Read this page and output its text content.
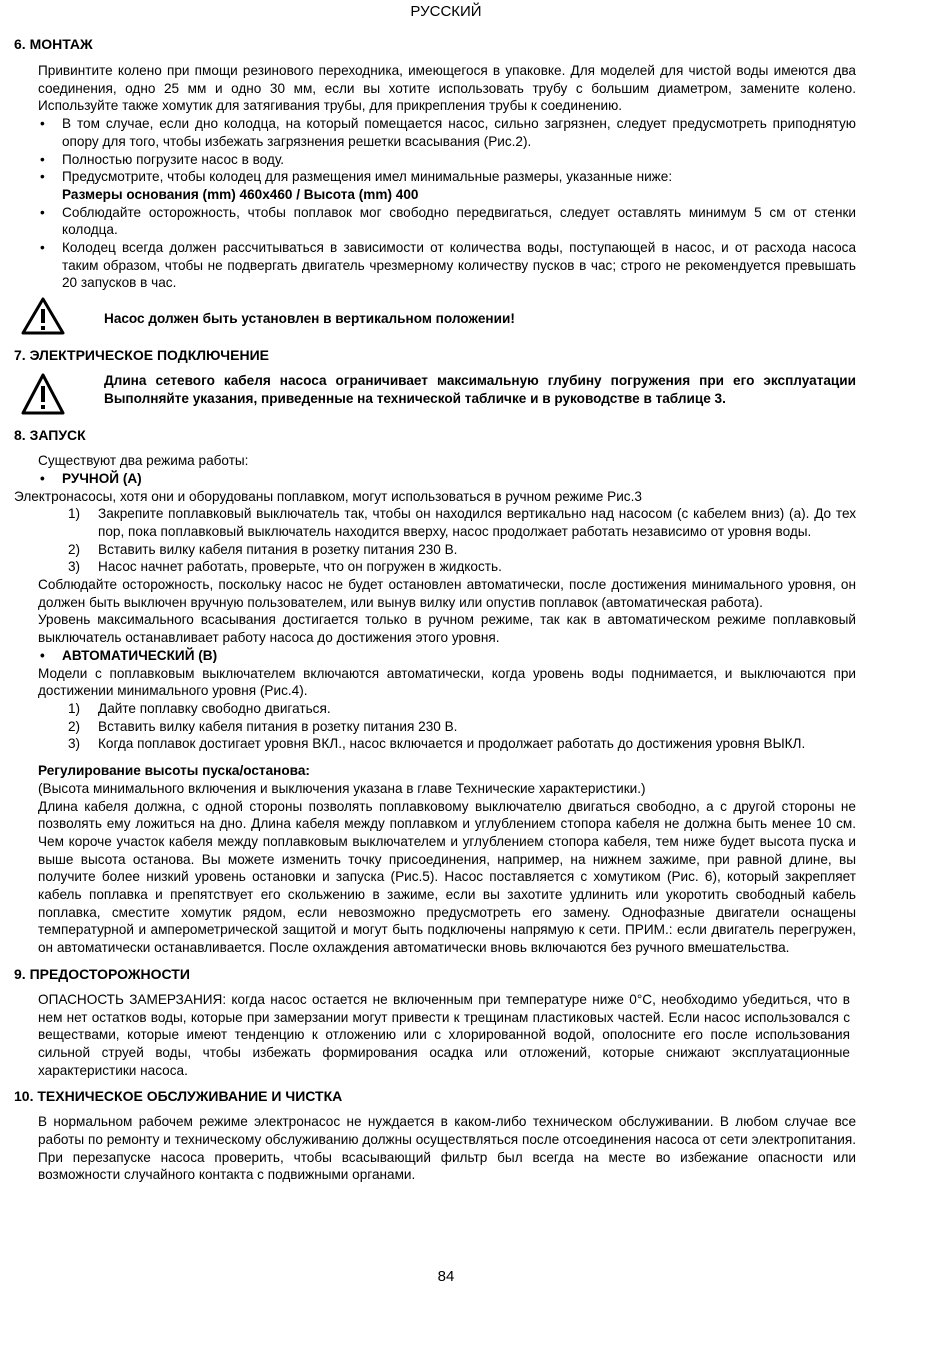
РУССКИЙ
6. МОНТАЖ

Привинтите колено при пмощи резинового переходника, имеющегося в упаковке. Для моделей для чистой воды имеются два соединения, одно 25 мм и одно 30 мм, если вы хотите использовать трубу с большим диаметром, замените колено. Используйте также хомутик для затягивания трубы, для прикрепления трубы к соединению.

• В том случае, если дно колодца, на который помещается насос, сильно загрязнен, следует предусмотреть приподнятую опору для того, чтобы избежать загрязнения решетки всасывания (Рис.2).
• Полностью погрузите насос в воду.
• Предусмотрите, чтобы колодец для размещения имел минимальные размеры, указанные ниже:
Размеры основания (mm) 460x460 / Высота (mm) 400
• Соблюдайте осторожность, чтобы поплавок мог свободно передвигаться, следует оставлять минимум 5 см от стенки колодца.
• Колодец всегда должен рассчитываться в зависимости от количества воды, поступающей в насос, и от расхода насоса таким образом, чтобы не подвергать двигатель чрезмерному количеству пусков в час; строго не рекомендуется превышать 20 запусков в час.
Насос должен быть установлен в вертикальном положении!
7. ЭЛЕКТРИЧЕСКОЕ ПОДКЛЮЧЕНИЕ
Длина сетевого кабеля насоса ограничивает максимальную глубину погружения при его эксплуатации Выполняйте указания, приведенные на технической табличке и в руководстве в таблице 3.
8. ЗАПУСК

Существуют два режима работы:

• РУЧНОЙ (А)

Электронасосы, хотя они и оборудованы поплавком, могут использоваться в ручном режиме Рис.3

1) Закрепите поплавковый выключатель так, чтобы он находился вертикально над насосом (с кабелем вниз) (а). До тех пор, пока поплавковый выключатель находится вверху, насос продолжает работать независимо от уровня воды.
2) Вставить вилку кабеля питания в розетку питания 230 В.
3) Насос начнет работать, проверьте, что он погружен в жидкость.

Соблюдайте осторожность, поскольку насос не будет остановлен автоматически, после достижения минимального уровня, он должен быть выключен вручную пользователем, или вынув вилку или опустив поплавок (автоматическая работа).

Уровень максимального всасывания достигается только в ручном режиме, так как в автоматическом режиме поплавковый выключатель останавливает работу насоса до достижения этого уровня.

• АВТОМАТИЧЕСКИЙ (B)

Модели с поплавковым выключателем включаются автоматически, когда уровень воды поднимается, и выключаются при достижении минимального уровня (Рис.4).

1) Дайте поплавку свободно двигаться.
2) Вставить вилку кабеля питания в розетку питания 230 В.
3) Когда поплавок достигает уровня ВКЛ., насос включается и продолжает работать до достижения уровня ВЫКЛ.

Регулирование высоты пуска/останова:

(Высота минимального включения и выключения указана в главе Технические характеристики.)

Длина кабеля должна, с одной стороны позволять поплавковому выключателю двигаться свободно, а с другой стороны не позволять ему ложиться на дно. Длина кабеля между поплавком и углублением стопора кабеля не должна быть менее 10 см. Чем короче участок кабеля между поплавковым выключателем и углублением стопора кабеля, тем ниже будет высота пуска и выше высота останова. Вы можете изменить точку присоединения, например, на нижнем зажиме, при равной длине, вы получите более низкий уровень остановки и запуска (Рис.5). Насос поставляется с хомутиком (Рис. 6), который закрепляет кабель поплавка и препятствует его скольжению в зажиме, если вы захотите удлинить или укоротить свободный кабель поплавка, сместите хомутик рядом, если невозможно предусмотреть его замену. Однофазные двигатели оснащены температурной и амперометрической защитой и могут быть подключены напрямую к сети. ПРИМ.: если двигатель перегружен, он автоматически останавливается. После охлаждения автоматически вновь включаются без ручного вмешательства.

9. ПРЕДОСТОРОЖНОСТИ

ОПАСНОСТЬ ЗАМЕРЗАНИЯ: когда насос остается не включенным при температуре ниже 0°С, необходимо убедиться, что в нем нет остатков воды, которые при замерзании могут привести к трещинам пластиковых частей. Если насос использовался с веществами, которые имеют тенденцию к отложению или с хлорированной водой, ополосните его после использования сильной струей воды, чтобы избежать формирования осадка или отложений, которые снижают эксплуатационные характеристики насоса.

10. ТЕХНИЧЕСКОЕ ОБСЛУЖИВАНИЕ И ЧИСТКА

В нормальном рабочем режиме электронасос не нуждается в каком-либо техническом обслуживании. В любом случае все работы по ремонту и техническому обслуживанию должны осуществляться после отсоединения насоса от сети электропитания. При перезапуске насоса проверить, чтобы всасывающий фильтр был всегда на месте во избежание опасности или возможности случайного контакта с подвижными органами.

84
